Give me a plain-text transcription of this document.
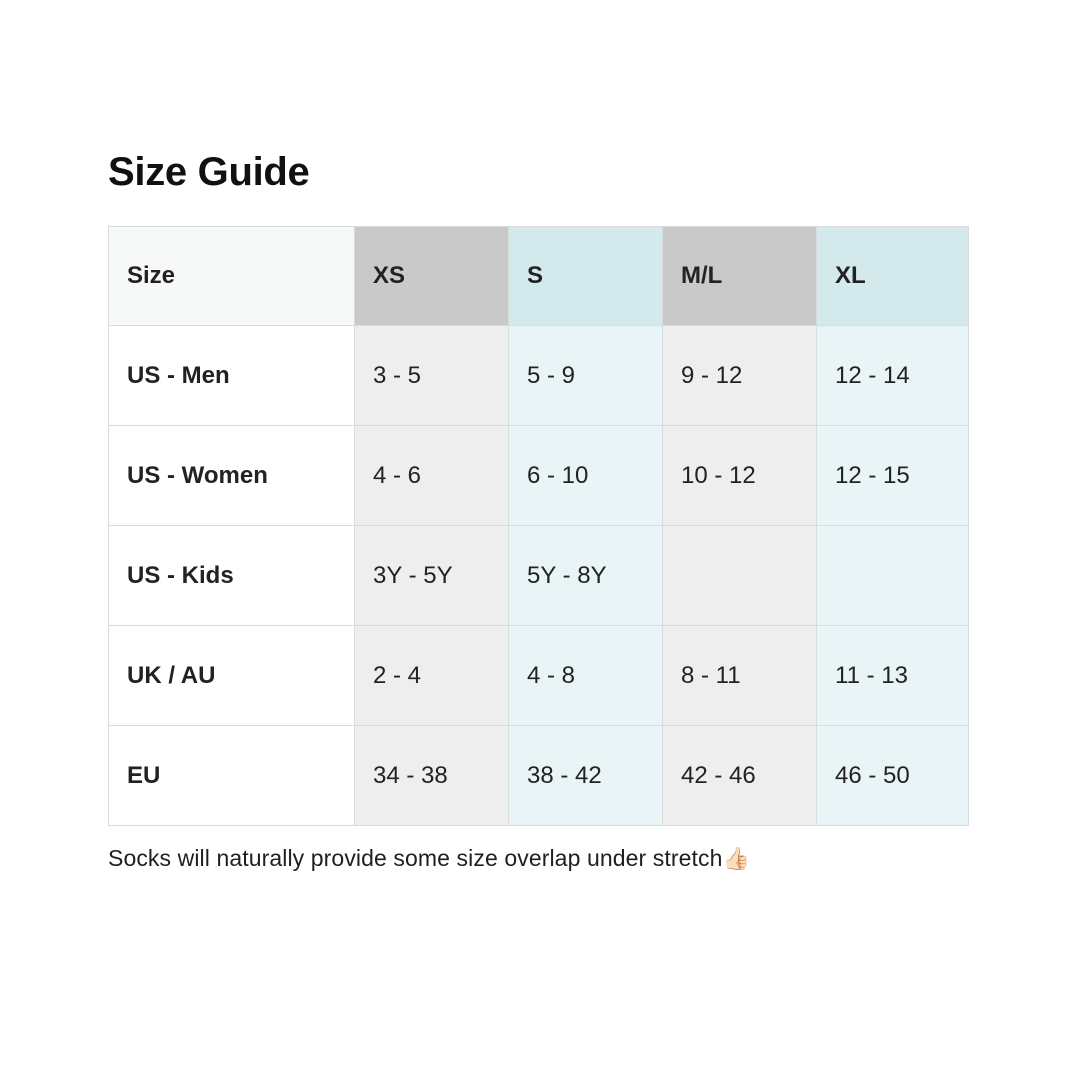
Size Guide
Size	XS	S	M/L	XL
US - Men	3 - 5	5 - 9	9 - 12	12 - 14
US - Women	4 - 6	6 - 10	10 - 12	12 - 15
US - Kids	3Y - 5Y	5Y - 8Y		
UK / AU	2 - 4	4 - 8	8 - 11	11 - 13
EU	34 - 38	38 - 42	42 - 46	46 - 50
Socks will naturally provide some size overlap under stretch👍🏻
